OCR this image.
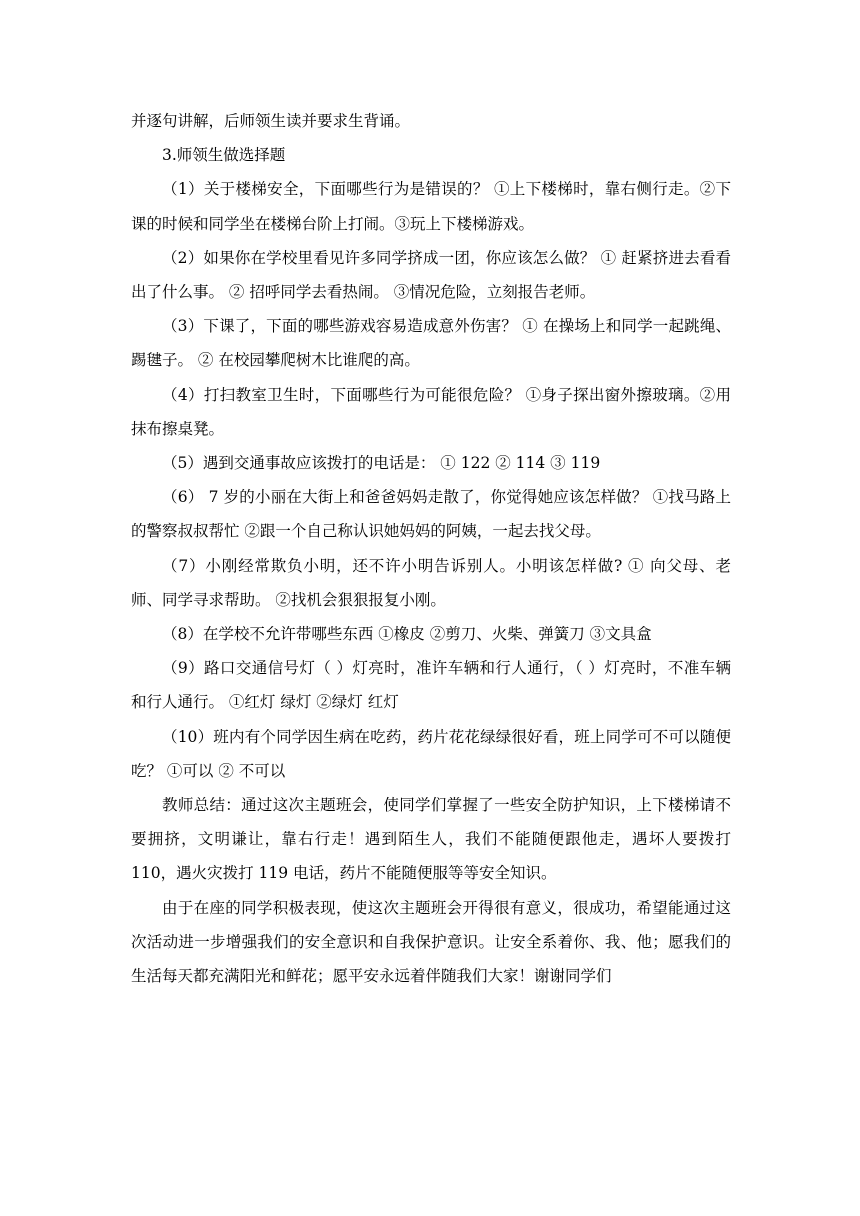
并逐句讲解，后师领生读并要求生背诵。

3.师领生做选择题

（1）关于楼梯安全，下面哪些行为是错误的？ ①上下楼梯时，靠右侧行走。②下课的时候和同学坐在楼梯台阶上打闹。③玩上下楼梯游戏。

（2）如果你在学校里看见许多同学挤成一团，你应该怎么做？ ① 赶紧挤进去看看出了什么事。 ② 招呼同学去看热闹。 ③情况危险，立刻报告老师。

（3）下课了，下面的哪些游戏容易造成意外伤害？ ① 在操场上和同学一起跳绳、踢毽子。 ② 在校园攀爬树木比谁爬的高。

（4）打扫教室卫生时，下面哪些行为可能很危险？ ①身子探出窗外擦玻璃。②用抹布擦桌凳。

（5）遇到交通事故应该拨打的电话是： ① 122 ② 114 ③ 119

（6） 7 岁的小丽在大街上和爸爸妈妈走散了，你觉得她应该怎样做？ ①找马路上的警察叔叔帮忙 ②跟一个自己称认识她妈妈的阿姨，一起去找父母。

（7）小刚经常欺负小明，还不许小明告诉别人。小明该怎样做? ① 向父母、老师、同学寻求帮助。 ②找机会狠狠报复小刚。

（8）在学校不允许带哪些东西 ①橡皮 ②剪刀、火柴、弹簧刀 ③文具盒

（9）路口交通信号灯（ ）灯亮时，准许车辆和行人通行，（ ）灯亮时，不准车辆和行人通行。 ①红灯 绿灯 ②绿灯 红灯

（10）班内有个同学因生病在吃药，药片花花绿绿很好看，班上同学可不可以随便吃？ ①可以 ② 不可以

教师总结：通过这次主题班会，使同学们掌握了一些安全防护知识，上下楼梯请不要拥挤，文明谦让，靠右行走！遇到陌生人，我们不能随便跟他走，遇坏人要拨打 110，遇火灾拨打 119 电话，药片不能随便服等等安全知识。

由于在座的同学积极表现，使这次主题班会开得很有意义，很成功，希望能通过这次活动进一步增强我们的安全意识和自我保护意识。让安全系着你、我、他；愿我们的生活每天都充满阳光和鲜花；愿平安永远着伴随我们大家！谢谢同学们
